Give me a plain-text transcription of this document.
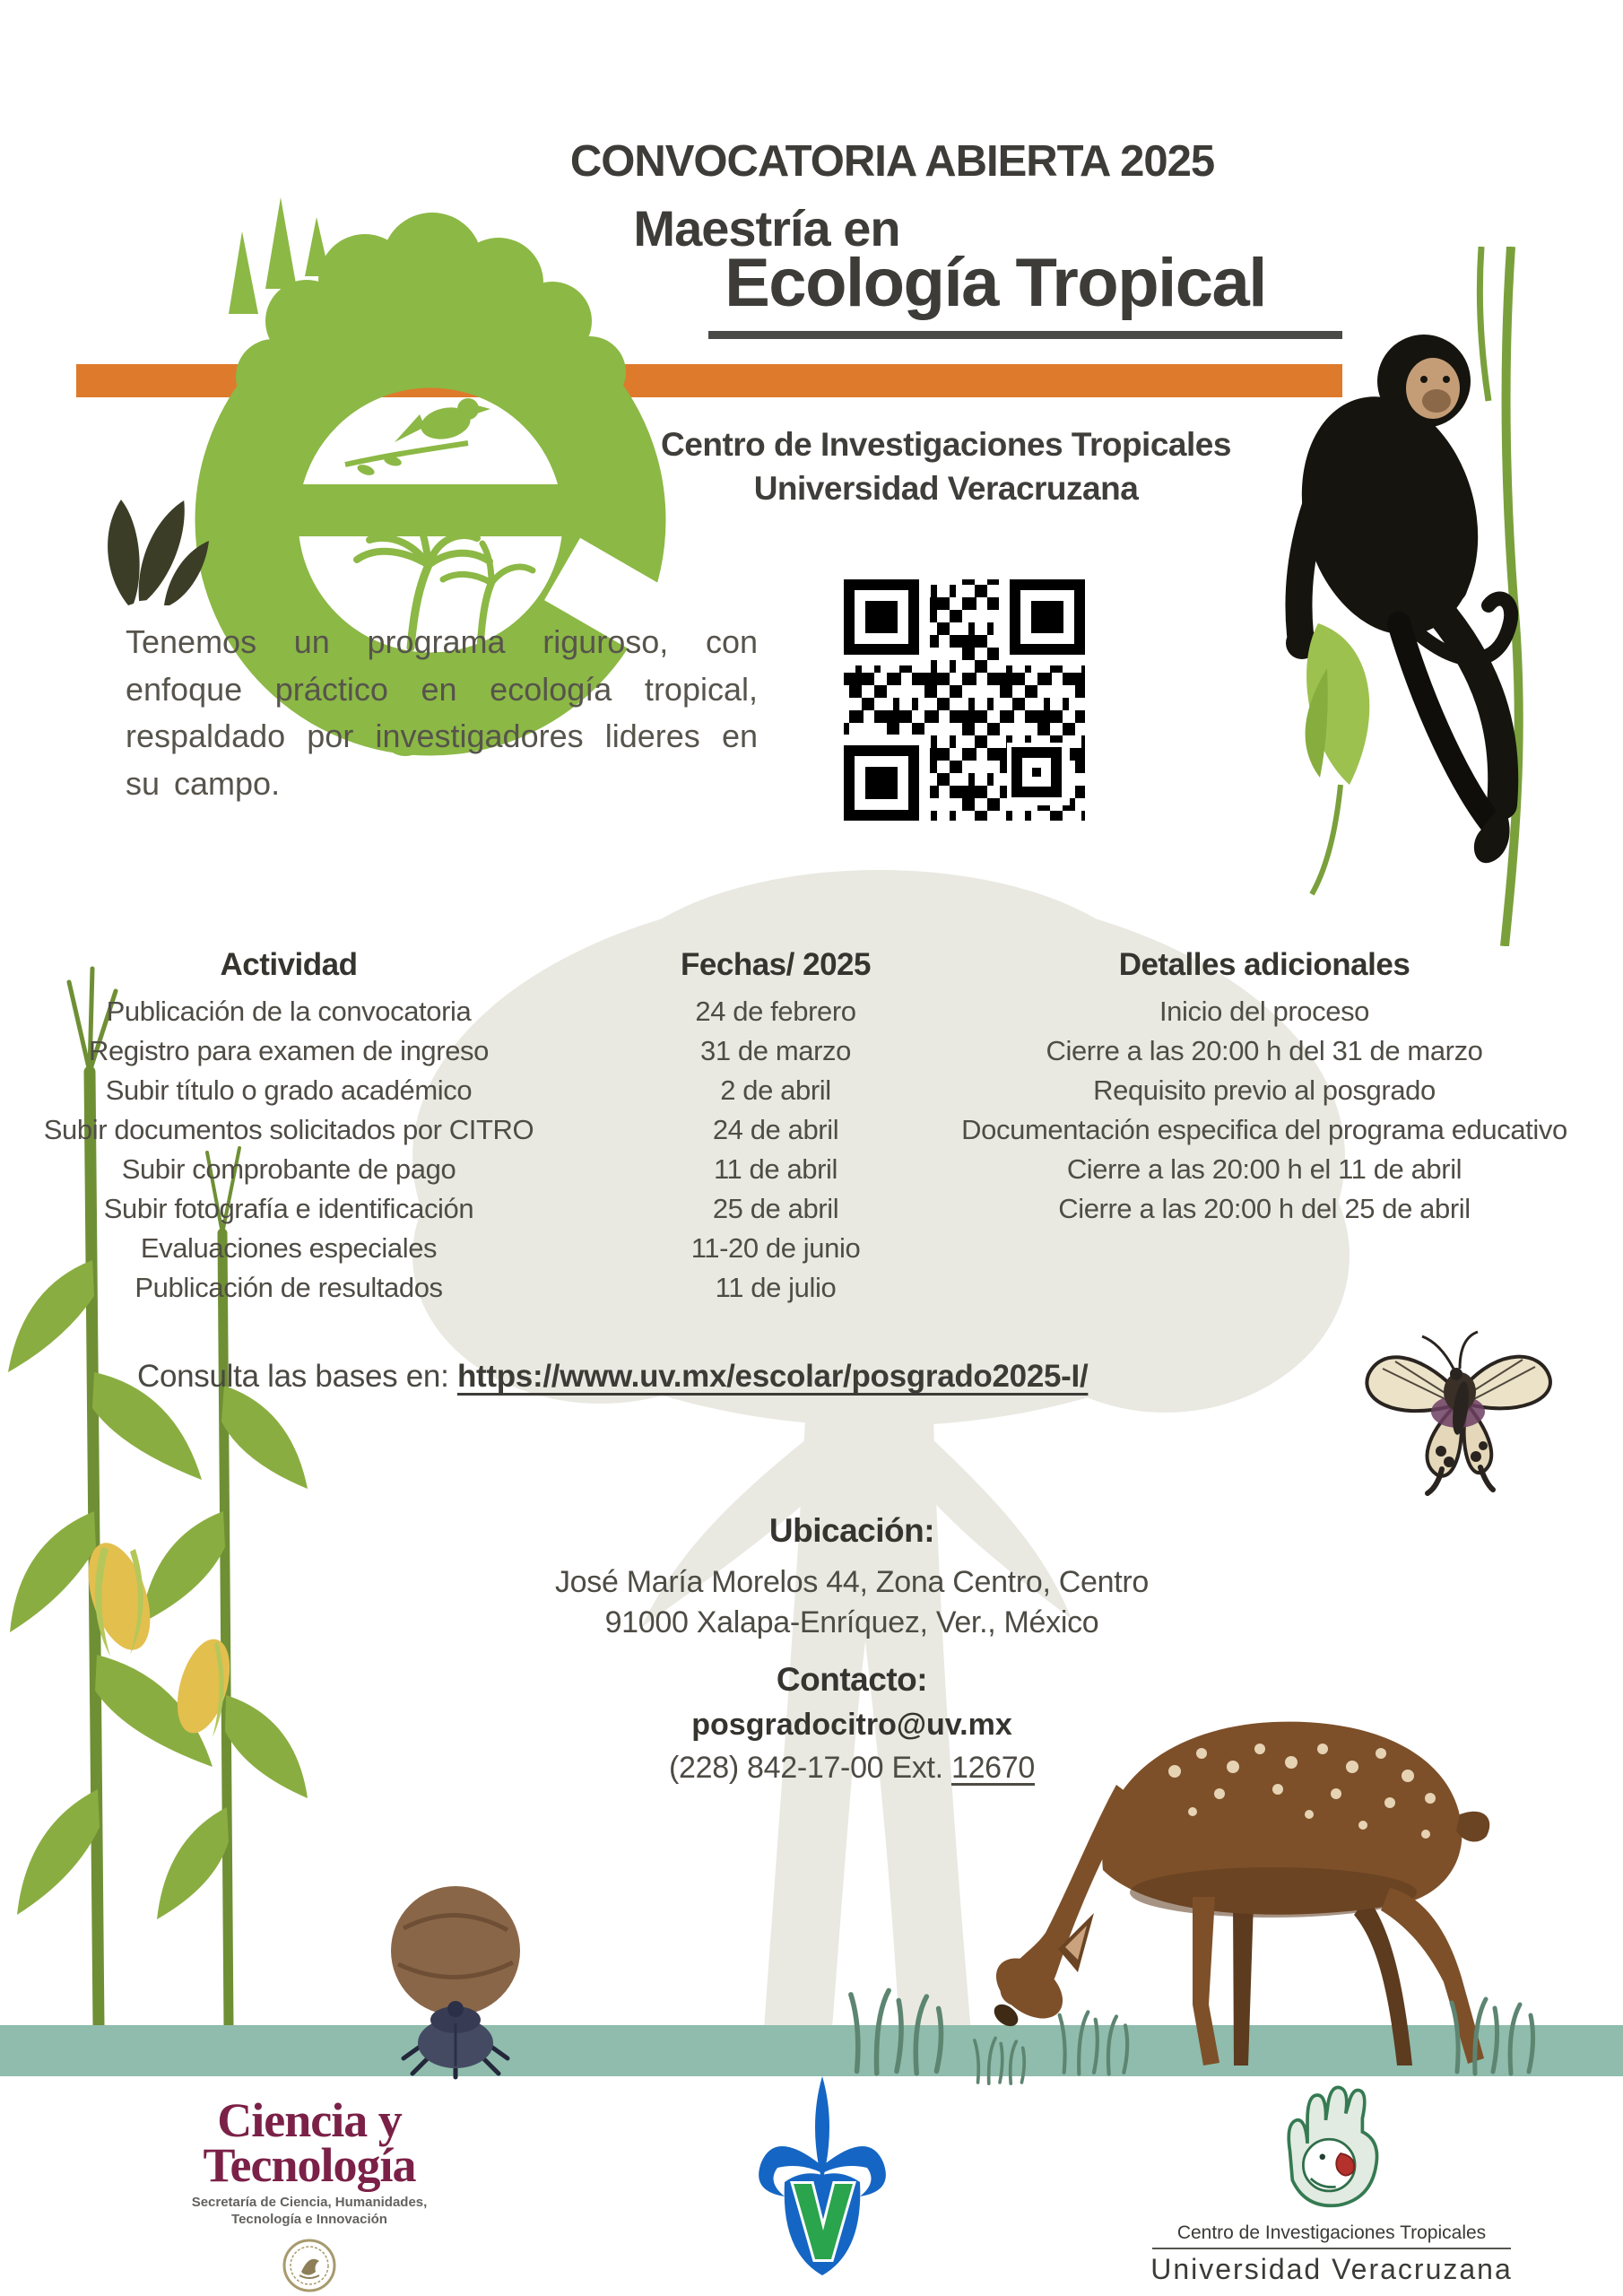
CONVOCATORIA ABIERTA 2025
Maestría en
Ecología Tropical
Centro de Investigaciones Tropicales
Universidad Veracruzana
Tenemos un programa riguroso, con enfoque práctico en ecología tropical, respaldado por investigadores lideres en su campo.
Actividad
Publicación de la convocatoria
Registro para examen de ingreso
Subir título o grado académico
Subir documentos solicitados por CITRO
Subir comprobante de pago
Subir fotografía e identificación
Evaluaciones especiales
Publicación de resultados
Fechas/ 2025
24 de febrero
31 de marzo
2 de abril
24 de abril
11 de abril
25 de abril
11-20 de junio
11 de julio
Detalles adicionales
Inicio del proceso
Cierre a las 20:00 h del 31 de marzo
Requisito previo al posgrado
Documentación especifica del programa educativo
Cierre a las 20:00 h el 11 de abril
Cierre a las 20:00 h del 25 de abril
Consulta las bases en: https://www.uv.mx/escolar/posgrado2025-I/
Ubicación:
José María Morelos 44, Zona Centro, Centro
91000 Xalapa-Enríquez, Ver., México
Contacto:
posgradocitro@uv.mx
(228) 842-17-00 Ext. 12670
Ciencia y
Tecnología
Secretaría de Ciencia, Humanidades,
Tecnología e Innovación
Centro de Investigaciones Tropicales
Universidad Veracruzana
